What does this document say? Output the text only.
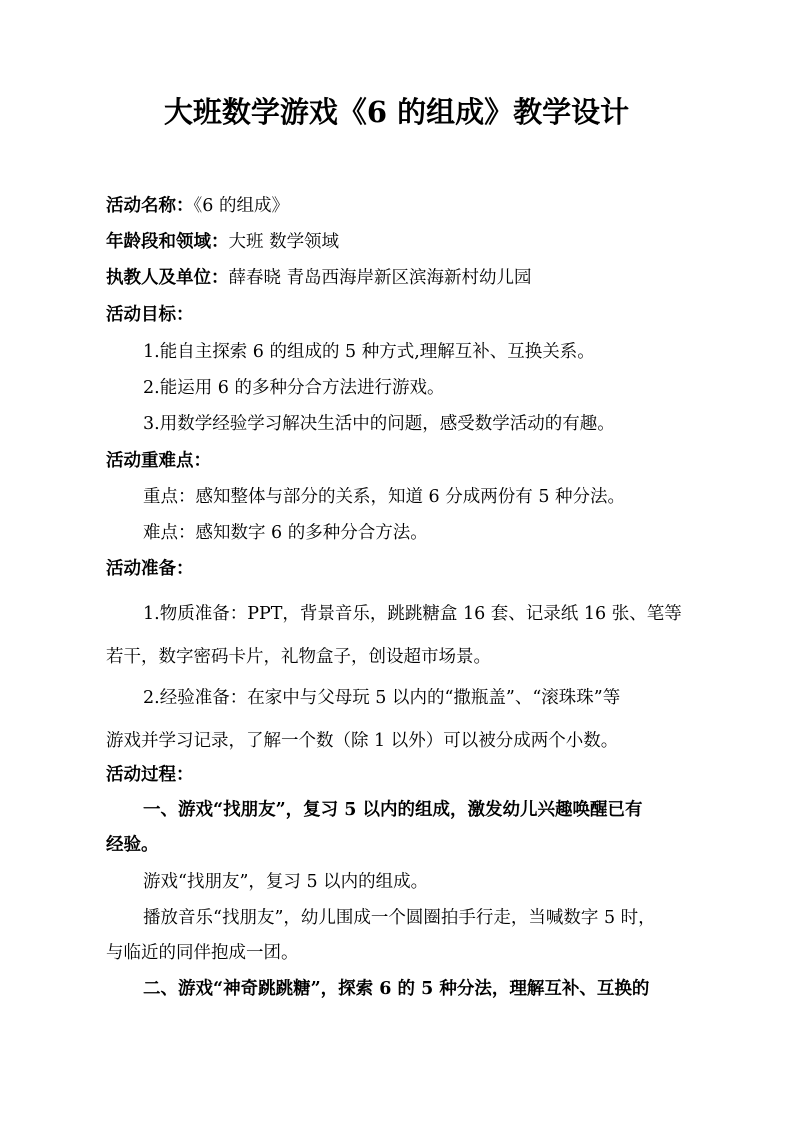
大班数学游戏《6 的组成》教学设计

活动名称：《6 的组成》

年龄段和领域：大班 数学领域

执教人及单位：薛春晓 青岛西海岸新区滨海新村幼儿园

活动目标：

1.能自主探索 6 的组成的 5 种方式,理解互补、互换关系。

2.能运用 6 的多种分合方法进行游戏。

3.用数学经验学习解决生活中的问题，感受数学活动的有趣。

活动重难点：

重点：感知整体与部分的关系，知道 6 分成两份有 5 种分法。

难点：感知数字 6 的多种分合方法。

活动准备：

1.物质准备：PPT，背景音乐，跳跳糖盒 16 套、记录纸 16 张、笔等

若干，数字密码卡片，礼物盒子，创设超市场景。

2.经验准备：在家中与父母玩 5 以内的“撒瓶盖”、“滚珠珠”等

游戏并学习记录，了解一个数（除 1 以外）可以被分成两个小数。

活动过程：

一、游戏“找朋友”，复习 5 以内的组成，激发幼儿兴趣唤醒已有

经验。

游戏“找朋友”，复习 5 以内的组成。

播放音乐“找朋友”，幼儿围成一个圆圈拍手行走，当喊数字 5 时，

与临近的同伴抱成一团。

二、游戏“神奇跳跳糖”，探索 6 的 5 种分法，理解互补、互换的
